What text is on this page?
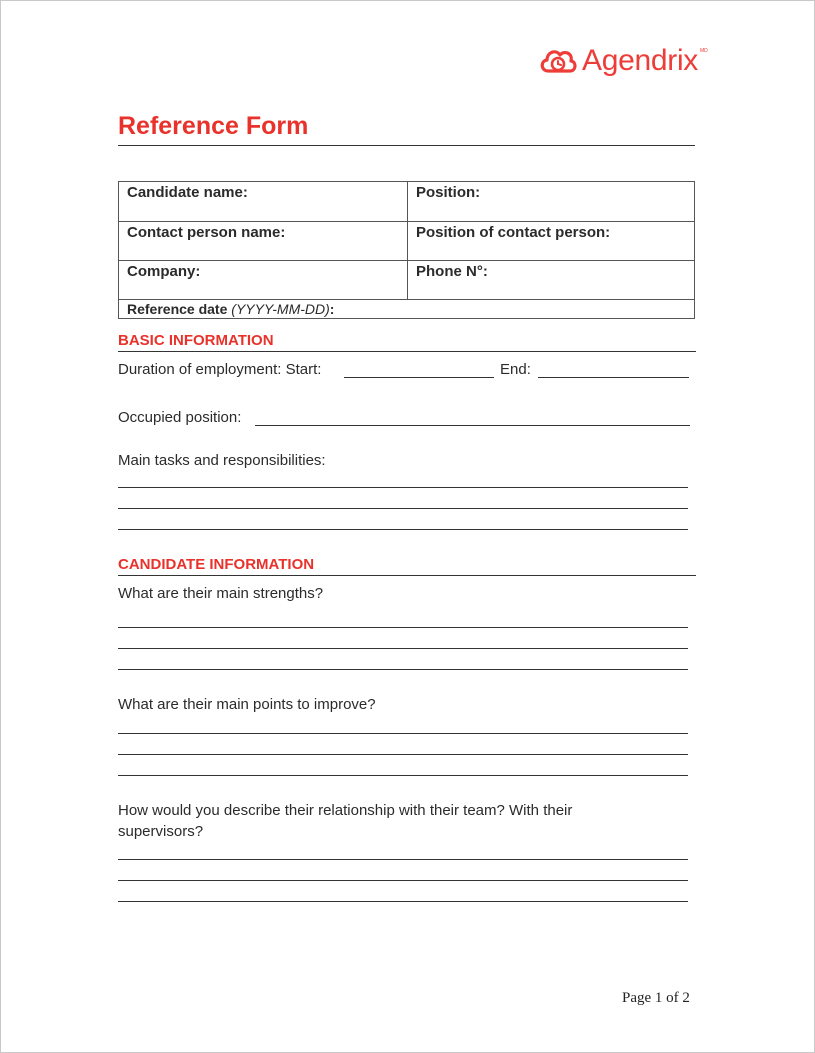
Agendrix MD
Reference Form
Candidate name:	Position:
Contact person name:	Position of contact person:
Company:	Phone N°:
Reference date (YYYY-MM-DD):	
BASIC INFORMATION
Duration of employment: Start:	End:
Occupied position:
Main tasks and responsibilities:
CANDIDATE INFORMATION
What are their main strengths?
What are their main points to improve?
How would you describe their relationship with their team? With their
supervisors?
Page 1 of 2
